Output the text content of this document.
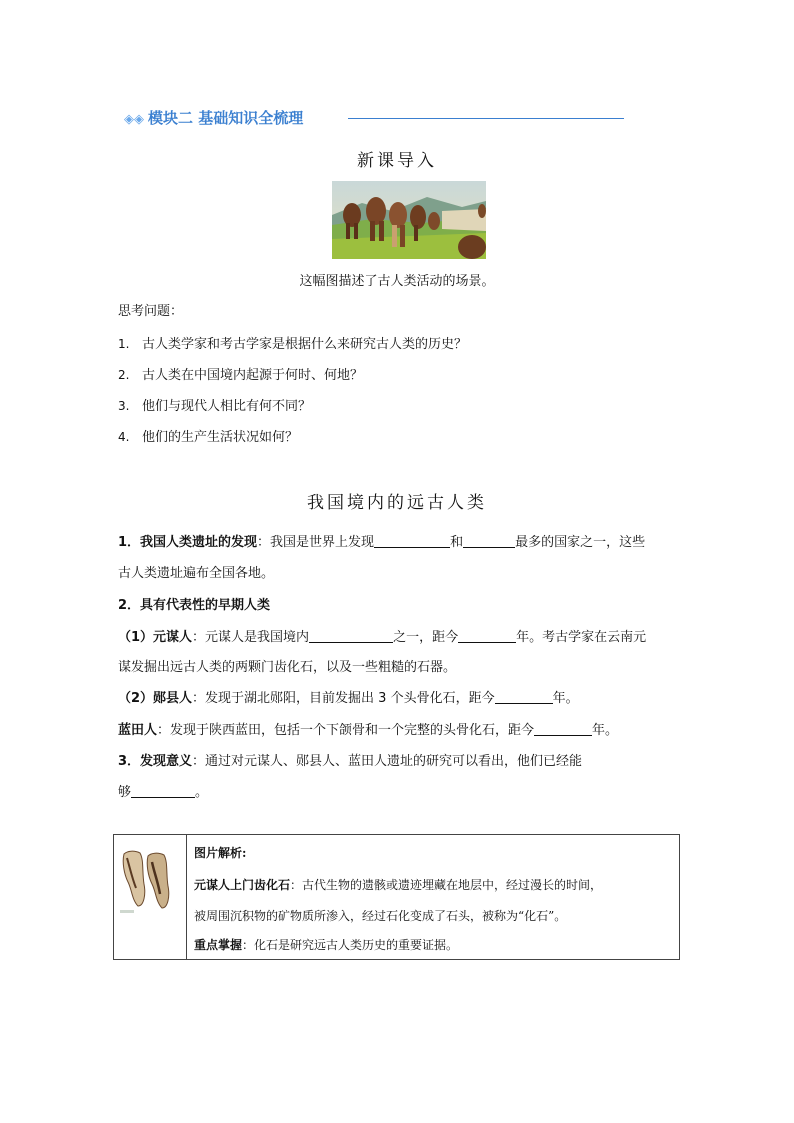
◈◈ 模块二 基础知识全梳理
新课导入
这幅图描述了古人类活动的场景。
思考问题：
1. 古人类学家和考古学家是根据什么来研究古人类的历史？
2. 古人类在中国境内起源于何时、何地？
3. 他们与现代人相比有何不同？
4. 他们的生产生活状况如何？
我国境内的远古人类
1．我国人类遗址的发现：我国是世界上发现	和	最多的国家之一，这些
古人类遗址遍布全国各地。
2．具有代表性的早期人类
（1）元谋人：元谋人是我国境内	之一，距今	年。考古学家在云南元
谋发掘出远古人类的两颗门齿化石，以及一些粗糙的石器。
（2）郧县人：发现于湖北郧阳，目前发掘出 3 个头骨化石，距今	年。
蓝田人：发现于陕西蓝田，包括一个下颌骨和一个完整的头骨化石，距今	年。
3．发现意义：通过对元谋人、郧县人、蓝田人遗址的研究可以看出，他们已经能
够	。
图片解析:
元谋人上门齿化石：古代生物的遗骸或遗迹埋藏在地层中，经过漫长的时间，
被周围沉积物的矿物质所渗入，经过石化变成了石头，被称为“化石”。
重点掌握：化石是研究远古人类历史的重要证据。
